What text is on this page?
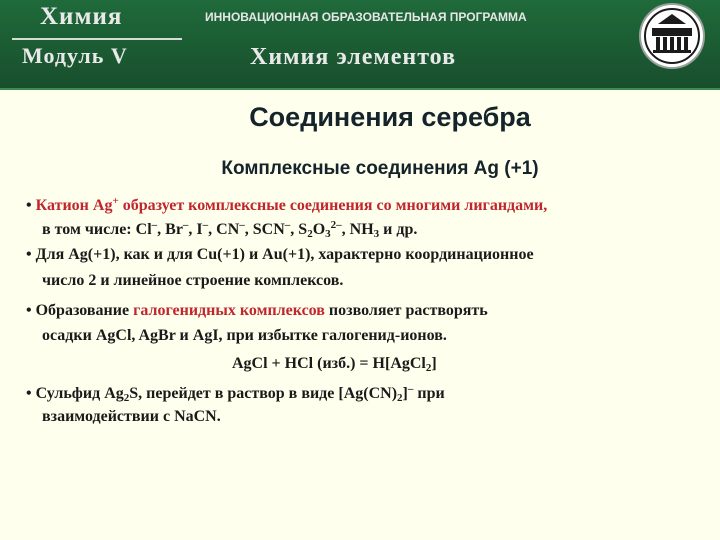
Химия
Модуль V
ИННОВАЦИОННАЯ ОБРАЗОВАТЕЛЬНАЯ ПРОГРАММА
Химия элементов
Соединения серебра
Комплексные соединения Ag (+1)
• Катион Ag+ образует комплексные соединения со многими лигандами,
в том числе: Cl–, Br–, I–, CN–, SCN–, $S_2O_3^{2-}$, $NH_3$ и др.
• Для Ag(+1), как и для Cu(+1) и Au(+1), характерно координационное
число 2 и линейное строение комплексов.
• Образование галогенидных комплексов позволяет растворять
осадки AgCl, AgBr и AgI, при избытке галогенид-ионов.
AgCl + HCl (изб.) = H[AgCl$_2$]
• Сульфид $Ag_2S$, перейдет в раствор в виде $[Ag(CN)_2]^-$ при
взаимодействии с NaCN.
